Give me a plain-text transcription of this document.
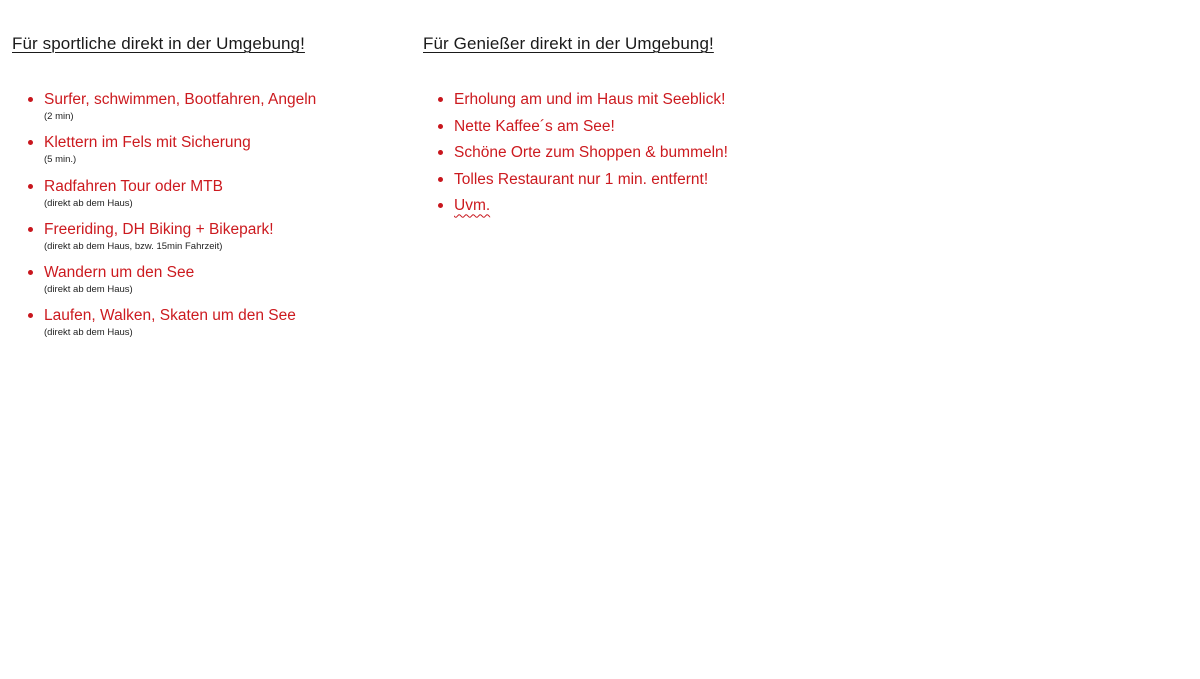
Für sportliche direkt in der Umgebung!
Surfer, schwimmen, Bootfahren, Angeln
(2 min)
Klettern im Fels mit Sicherung
(5 min.)
Radfahren Tour oder MTB
(direkt ab dem Haus)
Freeriding, DH Biking + Bikepark!
(direkt ab dem Haus, bzw. 15min Fahrzeit)
Wandern um den See
(direkt ab dem Haus)
Laufen, Walken, Skaten um den See
(direkt ab dem Haus)
Für Genießer direkt in der Umgebung!
Erholung am und im Haus mit Seeblick!
Nette Kaffee´s am See!
Schöne Orte zum Shoppen & bummeln!
Tolles Restaurant nur 1 min. entfernt!
Uvm.
